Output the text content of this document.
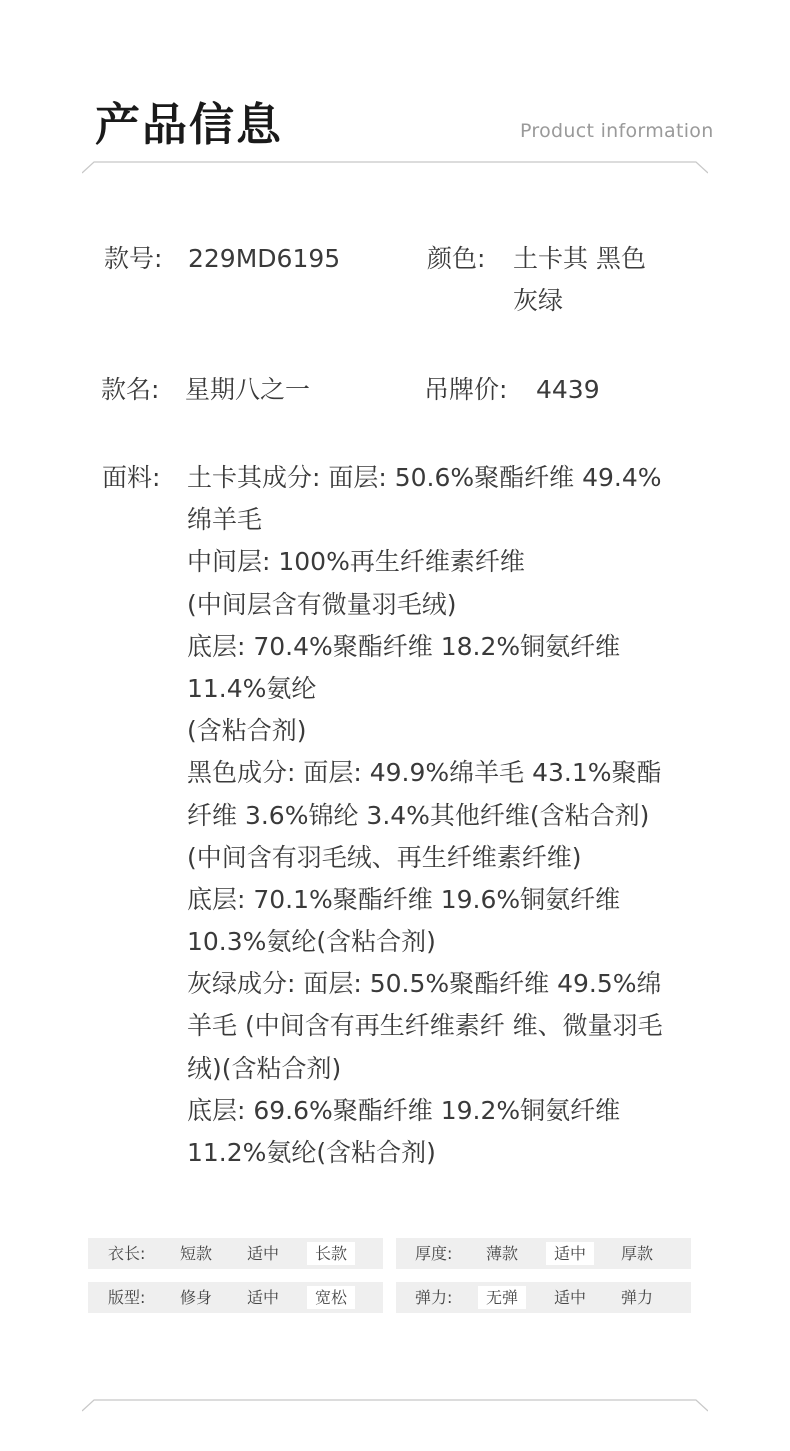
产品信息	Product information
款号: 229MD6195	颜色: 土卡其 黑色
灰绿
款名: 星期八之一	吊牌价: 4439
面料: 土卡其成分: 面层: 50.6%聚酯纤维 49.4%
绵羊毛
中间层: 100%再生纤维素纤维
(中间层含有微量羽毛绒)
底层: 70.4%聚酯纤维 18.2%铜氨纤维
11.4%氨纶
(含粘合剂)
黑色成分: 面层: 49.9%绵羊毛 43.1%聚酯
纤维 3.6%锦纶 3.4%其他纤维(含粘合剂)
(中间含有羽毛绒、再生纤维素纤维)
底层: 70.1%聚酯纤维 19.6%铜氨纤维
10.3%氨纶(含粘合剂)
灰绿成分: 面层: 50.5%聚酯纤维 49.5%绵
羊毛 (中间含有再生纤维素纤 维、微量羽毛
绒)(含粘合剂)
底层: 69.6%聚酯纤维 19.2%铜氨纤维
11.2%氨纶(含粘合剂)
衣长:	短款	适中	长款	厚度:	薄款	适中	厚款
版型:	修身	适中	宽松	弹力:	无弹	适中	弹力
